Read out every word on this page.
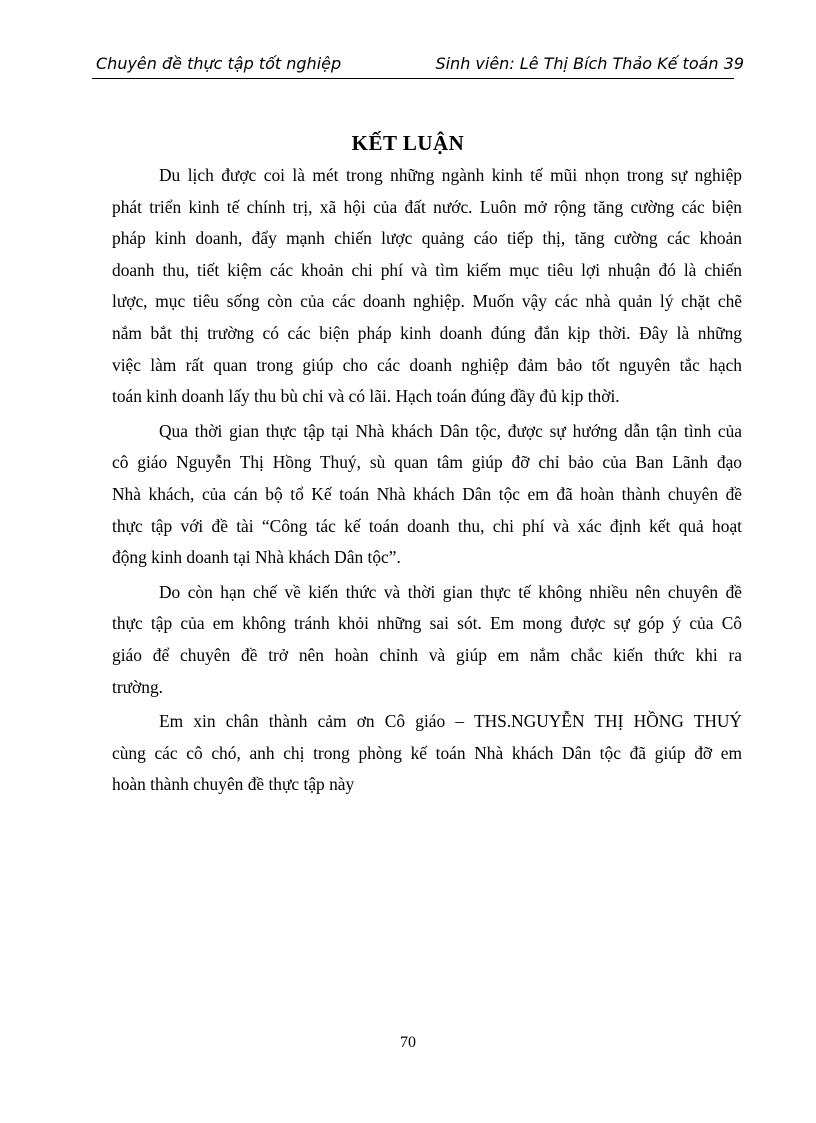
Chuyên đề thực tập tốt nghiệp	Sinh viên: Lê Thị Bích Thảo Kế toán 39
KẾT LUẬN
Du lịch được coi là mét trong những ngành kinh tế mũi nhọn trong sự nghiệp
phát triển kinh tế chính trị, xã hội của đất nước. Luôn mở rộng tăng cường các biện
pháp kinh doanh, đẩy mạnh chiến lược quảng cáo tiếp thị, tăng cường các khoản
doanh thu, tiết kiệm các khoản chi phí và tìm kiếm mục tiêu lợi nhuận đó là chiến
lược, mục tiêu sống còn của các doanh nghiệp. Muốn vậy các nhà quản lý chặt chẽ
nắm bắt thị trường có các biện pháp kinh doanh đúng đắn kịp thời. Đây là những
việc làm rất quan trong giúp cho các doanh nghiệp đảm bảo tốt nguyên tắc hạch
toán kinh doanh lấy thu bù chi và có lãi. Hạch toán đúng đầy đủ kịp thời.
Qua thời gian thực tập tại Nhà khách Dân tộc, được sự hướng dẫn tận tình của
cô giáo Nguyễn Thị Hồng Thuý, sù quan tâm giúp đỡ chỉ bảo của Ban Lãnh đạo
Nhà khách, của cán bộ tổ Kế toán Nhà khách Dân tộc em đã hoàn thành chuyên đề
thực tập với đề tài “Công tác kế toán doanh thu, chi phí và xác định kết quả hoạt
động kinh doanh tại Nhà khách Dân tộc”.
Do còn hạn chế về kiến thức và thời gian thực tế không nhiều nên chuyên đề
thực tập của em không tránh khỏi những sai sót. Em mong được sự góp ý của Cô
giáo để chuyên đề trở nên hoàn chỉnh và giúp em nắm chắc kiến thức khi ra
trường.
Em xin chân thành cảm ơn Cô giáo – THS.NGUYỄN THỊ HỒNG THUÝ
cùng các cô chó, anh chị trong phòng kế toán Nhà khách Dân tộc đã giúp đỡ em
hoàn thành chuyên đề thực tập này
70
